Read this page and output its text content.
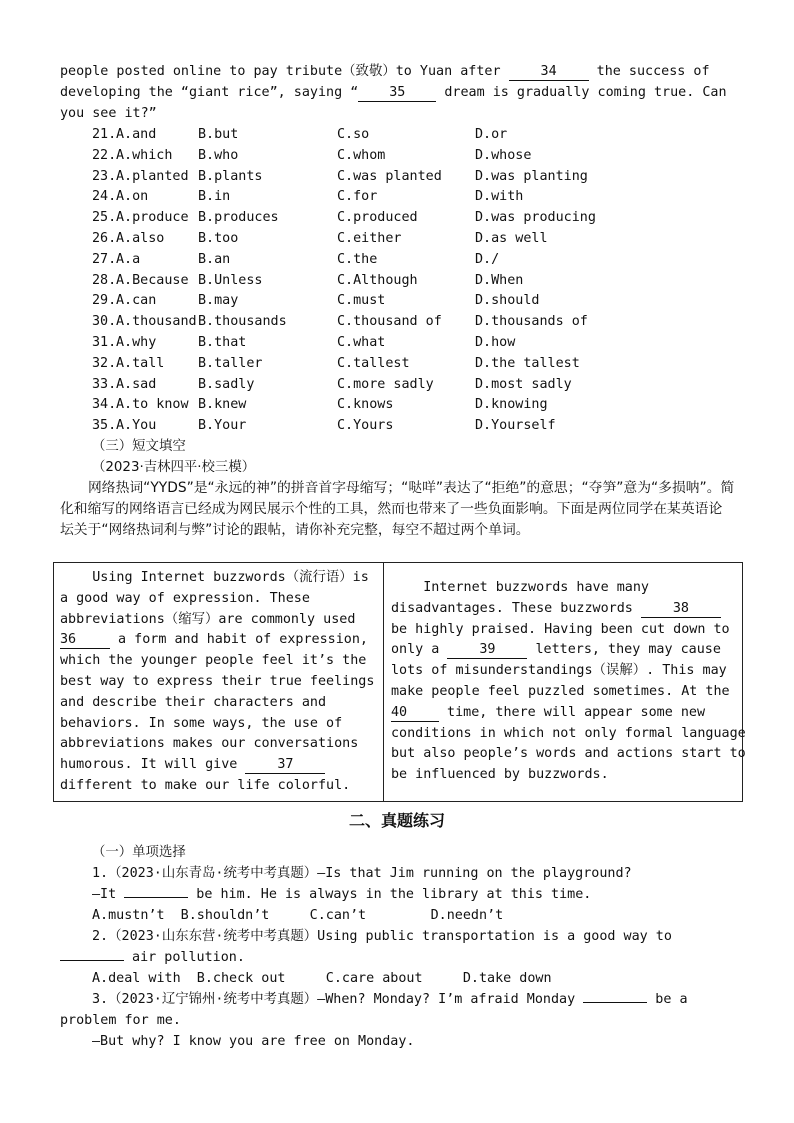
people posted online to pay tribute（致敬）to Yuan after 34 the success of
developing the “giant rice”, saying “ 35 dream is gradually coming true. Can
you see it?”
21. A.and	B.but	C.so	D.or
22. A.which B.who	C.whom	D.whose
23. A.planted B.plants	C.was planted D.was planting
24. A.on	B.in	C.for	D.with
25. A.produce B.produces	C.produced	D.was producing
26. A.also	B.too	C.either	D.as well
27. A.a	B.an	C.the	D./
28. A.Because B.Unless	C.Although	D.When
29. A.can	B.may	C.must	D.should
30. A.thousand B.thousands	C.thousand of D.thousands of
31. A.why	B.that	C.what	D.how
32. A.tall	B.taller	C.tallest	D.the tallest
33. A.sad	B.sadly	C.more sadly	D.most sadly
34. A.to know B.knew	C.knows	D.knowing
35. A.You	B.Your	C.Yours	D.Yourself
（三）短文填空
（2023·吉林四平·校三模）
网络热词“YYDS”是“永远的神”的拼音首字母缩写；“哒咩”表达了“拒绝”的意思；“夺笋”意为“多损呐”。简化和缩写的网络语言已经成为网民展示个性的工具，然而也带来了一些负面影响。下面是两位同学在某英语论坛关于“网络热词利与弊”讨论的跟帖，请你补充完整，每空不超过两个单词。
Using Internet buzzwords（流行语）is
a good way of expression. These
abbreviations（缩写）are commonly used
36	a form and habit of expression,
which the younger people feel it’s the
best way to express their true feelings
and describe their characters and
behaviors. In some ways, the use of
abbreviations makes our conversations
humorous. It will give 37
different to make our life colorful.
Internet buzzwords have many
disadvantages. These buzzwords 38
be highly praised. Having been cut down to
only a 39 letters, they may cause
lots of misunderstandings（误解）. This may
make people feel puzzled sometimes. At the
40 time, there will appear some new
conditions in which not only formal language
but also people’s words and actions start to
be influenced by buzzwords.
二、真题练习
（一）单项选择
1.（2023·山东青岛·统考中考真题）—Is that Jim running on the playground?
—It	be him. He is always in the library at this time.
A.mustn’t  B.shouldn’t     C.can’t        D.needn’t
2.（2023·山东东营·统考中考真题）Using public transportation is a good way to
air pollution.
A.deal with  B.check out     C.care about     D.take down
3.（2023·辽宁锦州·统考中考真题）—When? Monday? I’m afraid Monday	be a
problem for me.
—But why? I know you are free on Monday.
